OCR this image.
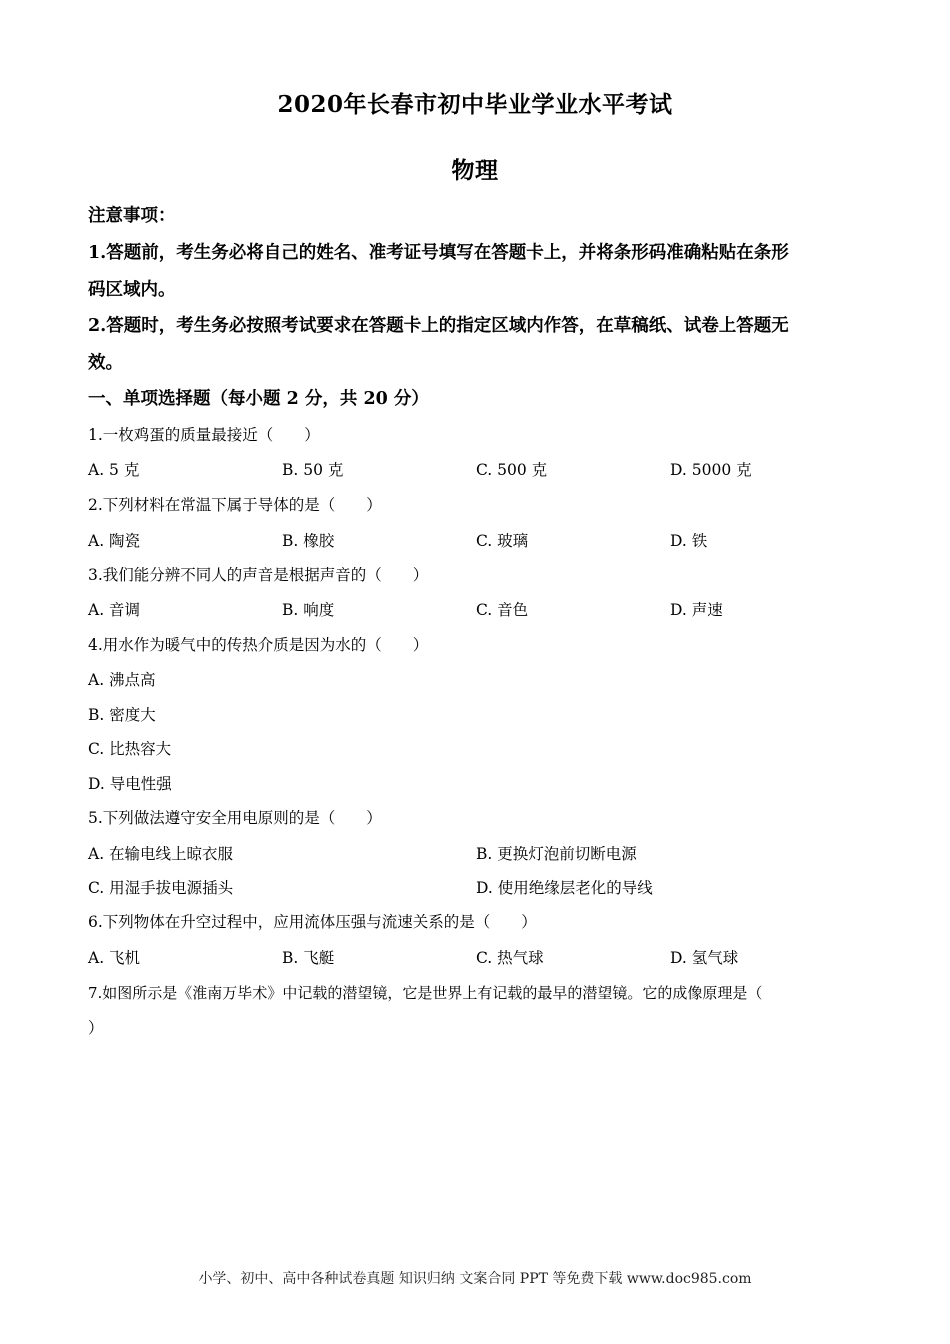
2020年长春市初中毕业学业水平考试
物理
注意事项：
1.答题前，考生务必将自己的姓名、准考证号填写在答题卡上，并将条形码准确粘贴在条形
码区域内。
2.答题时，考生务必按照考试要求在答题卡上的指定区域内作答，在草稿纸、试卷上答题无
效。
一、单项选择题（每小题 2 分，共 20 分）
1.一枚鸡蛋的质量最接近（　　）
A. 5 克	B. 50 克	C. 500 克	D. 5000 克
2.下列材料在常温下属于导体的是（　　）
A. 陶瓷	B. 橡胶	C. 玻璃	D. 铁
3.我们能分辨不同人的声音是根据声音的（　　）
A. 音调	B. 响度	C. 音色	D. 声速
4.用水作为暖气中的传热介质是因为水的（　　）
A. 沸点高
B. 密度大
C. 比热容大
D. 导电性强
5.下列做法遵守安全用电原则的是（　　）
A. 在输电线上晾衣服	B. 更换灯泡前切断电源
C. 用湿手拔电源插头	D. 使用绝缘层老化的导线
6.下列物体在升空过程中，应用流体压强与流速关系的是（　　）
A. 飞机	B. 飞艇	C. 热气球	D. 氢气球
7.如图所示是《淮南万毕术》中记载的潜望镜，它是世界上有记载的最早的潜望镜。它的成像原理是（
）
小学、初中、高中各种试卷真题 知识归纳 文案合同 PPT 等免费下载 www.doc985.com
